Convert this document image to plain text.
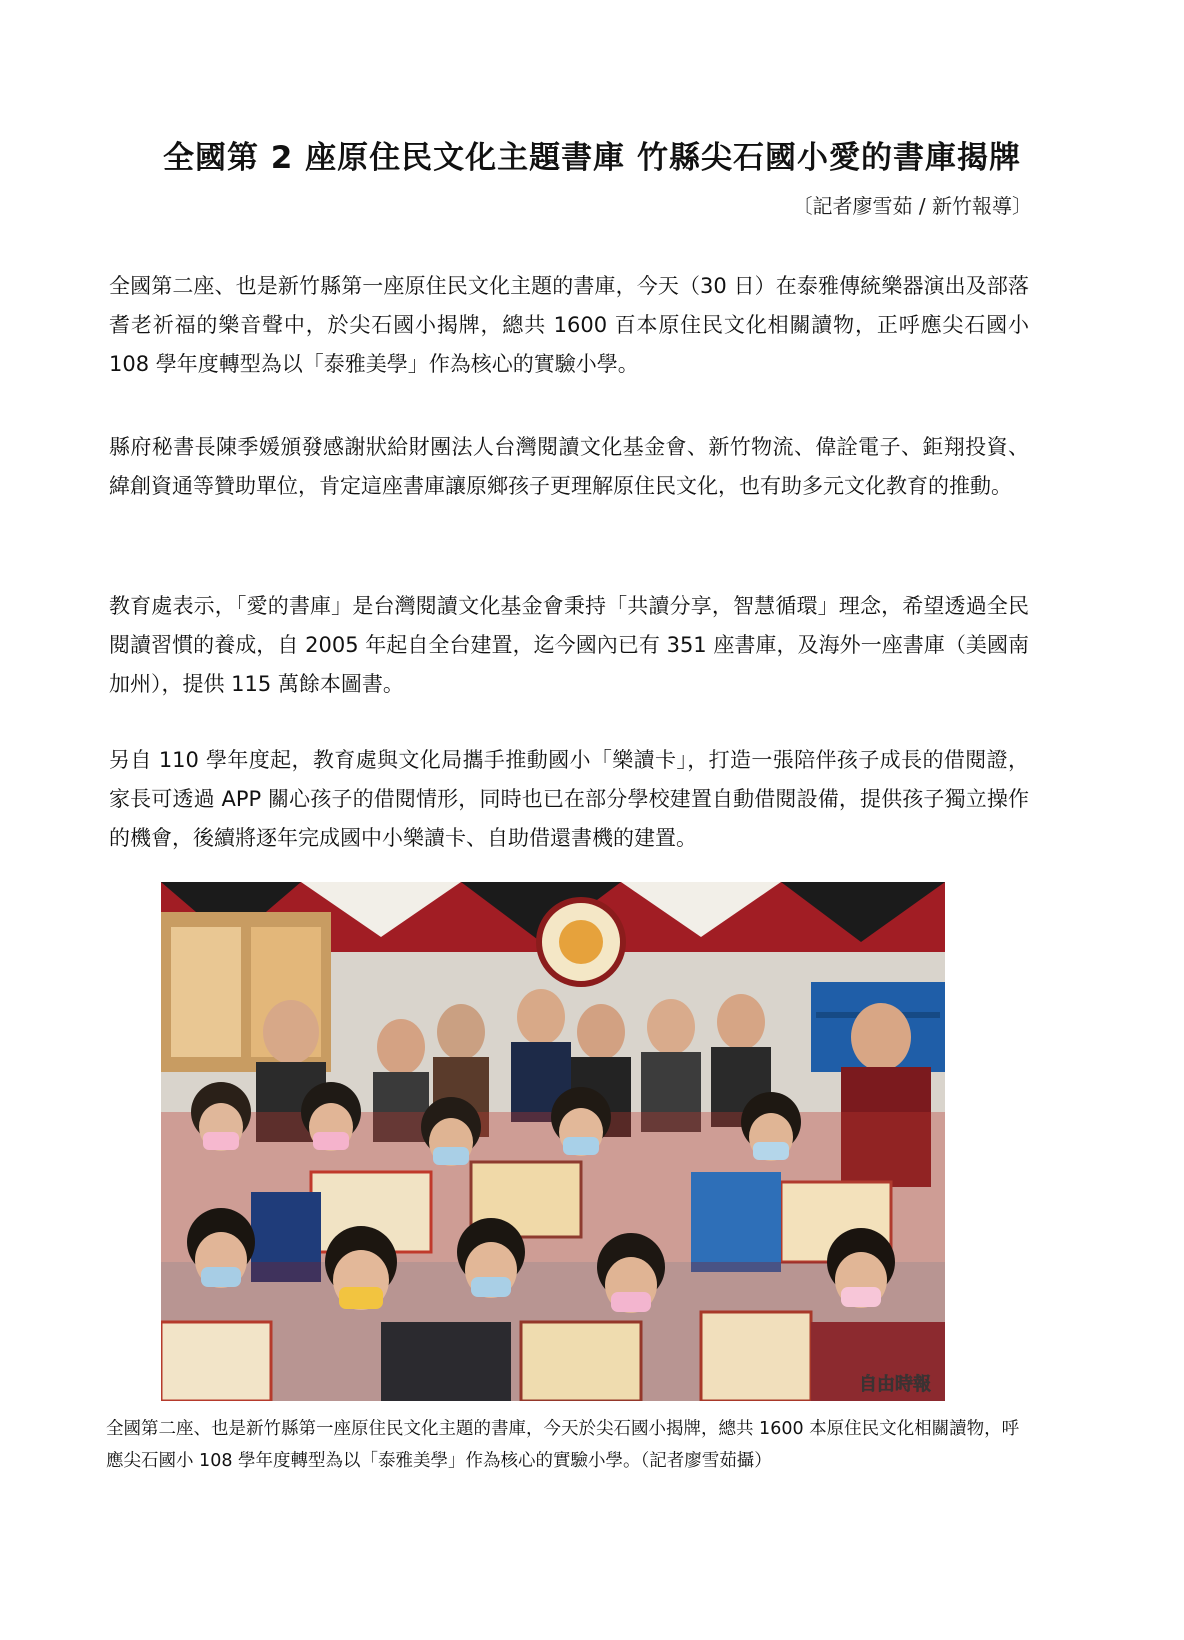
全國第 2 座原住民文化主題書庫 竹縣尖石國小愛的書庫揭牌

〔記者廖雪茹 / 新竹報導〕

全國第二座、也是新竹縣第一座原住民文化主題的書庫，今天（30 日）在泰雅傳統樂器演出及部落耆老祈福的樂音聲中，於尖石國小揭牌，總共 1600 百本原住民文化相關讀物，正呼應尖石國小 108 學年度轉型為以「泰雅美學」作為核心的實驗小學。

縣府秘書長陳季媛頒發感謝狀給財團法人台灣閱讀文化基金會、新竹物流、偉詮電子、鉅翔投資、緯創資通等贊助單位，肯定這座書庫讓原鄉孩子更理解原住民文化，也有助多元文化教育的推動。

教育處表示，「愛的書庫」是台灣閱讀文化基金會秉持「共讀分享，智慧循環」理念，希望透過全民閱讀習慣的養成，自 2005 年起自全台建置，迄今國內已有 351 座書庫，及海外一座書庫（美國南加州），提供 115 萬餘本圖書。

另自 110 學年度起，教育處與文化局攜手推動國小「樂讀卡」，打造一張陪伴孩子成長的借閱證，家長可透過 APP 關心孩子的借閱情形，同時也已在部分學校建置自動借閱設備，提供孩子獨立操作的機會，後續將逐年完成國中小樂讀卡、自助借還書機的建置。

自由時報

全國第二座、也是新竹縣第一座原住民文化主題的書庫，今天於尖石國小揭牌，總共 1600 本原住民文化相關讀物，呼應尖石國小 108 學年度轉型為以「泰雅美學」作為核心的實驗小學。（記者廖雪茹攝）
